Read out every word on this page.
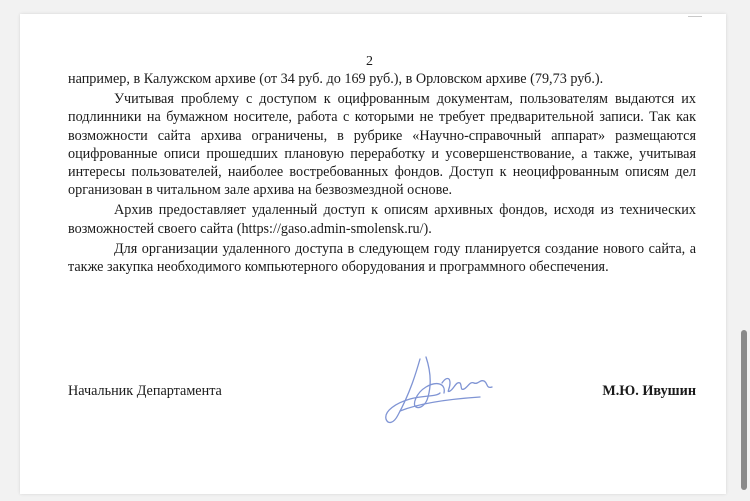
2

например, в Калужском архиве (от 34 руб. до 169 руб.), в Орловском архиве (79,73 руб.).

Учитывая проблему с доступом к оцифрованным документам, пользователям выдаются их подлинники на бумажном носителе, работа с которыми не требует предварительной записи. Так как возможности сайта архива ограничены, в рубрике «Научно-справочный аппарат» размещаются оцифрованные описи прошедших плановую переработку и усовершенствование, а также, учитывая интересы пользователей, наиболее востребованных фондов. Доступ к неоцифрованным описям дел организован в читальном зале архива на безвозмездной основе.

Архив предоставляет удаленный доступ к описям архивных фондов, исходя из технических возможностей своего сайта (https://gaso.admin-smolensk.ru/).

Для организации удаленного доступа в следующем году планируется создание нового сайта, а также закупка необходимого компьютерного оборудования и программного обеспечения.

Начальник Департамента	М.Ю. Ивушин
